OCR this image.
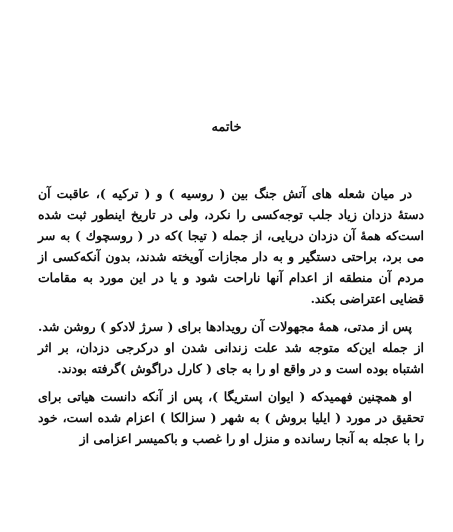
خاتمه

در میان شعله های آتش جنگ بین ( روسیه ) و ( ترکیه )، عاقبت آن دستهٔ دزدان زیاد جلب توجه‌کسی را نکرد، ولی در تاریخ اینطور ثبت شده است‌که همهٔ آن دزدان دریایی، از جمله ( تیجا )که در ( روسچوك ) به سر می برد، براحتی دستگیر و به دار مجازات آویخته شدند، بدون آنکه‌کسی از مردم آن منطقه از اعدام آنها ناراحت شود و یا در این مورد به مقامات قضایی اعتراضی بکند.

پس از مدتی، همهٔ مجهولات آن رویدادها برای ( سرژ لادکو ) روشن شد. از جمله این‌که متوجه شد علت زندانی شدن او درکرجی دزدان، بر اثر اشتباه بوده است و در واقع او را به جای ( کارل دراگوش )گرفته بودند.

او همچنین فهمیدکه ( ایوان استریگا )، پس از آنکه دانست هیاتی برای تحقیق در مورد ( ایلیا بروش ) به شهر ( سزالکا ) اعزام شده است، خود را با عجله به آنجا رسانده و منزل او را غصب و باکمیسر اعزامی از
